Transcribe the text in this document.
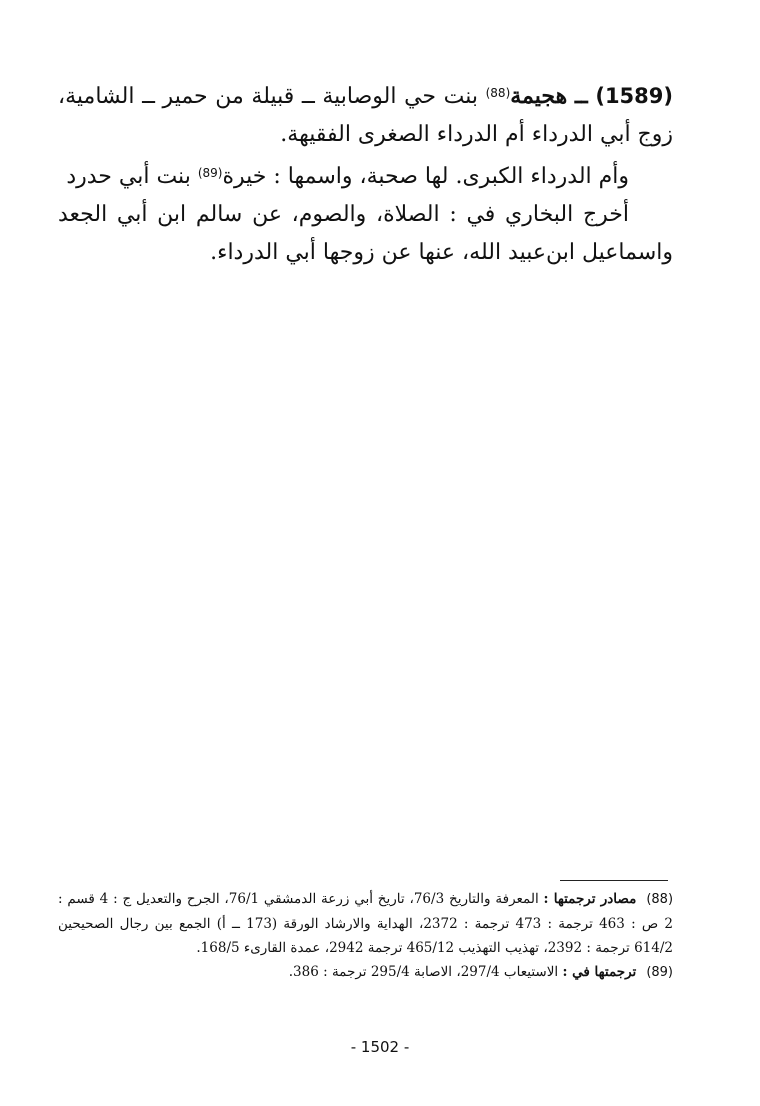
(1589) ــ هجيمة$^{(88)}$ بنت حي الوصابية ــ قبيلة من حمير ــ الشامية، زوج أبي الدرداء أم الدرداء الصغرى الفقيهة.

وأم الدرداء الكبرى. لها صحبة، واسمها : خيرة$^{(89)}$ بنت أبي حدرد

أخرج البخاري في : الصلاة، والصوم، عن سالم ابن أبي الجعد واسماعيل ابن‌عبيد الله، عنها عن زوجها أبي الدرداء.

(88)مصادر ترجمتها : المعرفة والتاريخ 76/3، تاريخ أبي زرعة الدمشقي 76/1، الجرح والتعديل ج : 4 قسم : 2 ص : 463 ترجمة : 473 ترجمة : 2372، الهداية والارشاد الورقة (173 ــ أ) الجمع بين رجال الصحيحين 614/2 ترجمة : 2392، تهذيب التهذيب 465/12 ترجمة 2942، عمدة القارىء 168/5.

(89)ترجمتها في : الاستيعاب 297/4، الاصابة 295/4 ترجمة : 386.

- 1502 -
